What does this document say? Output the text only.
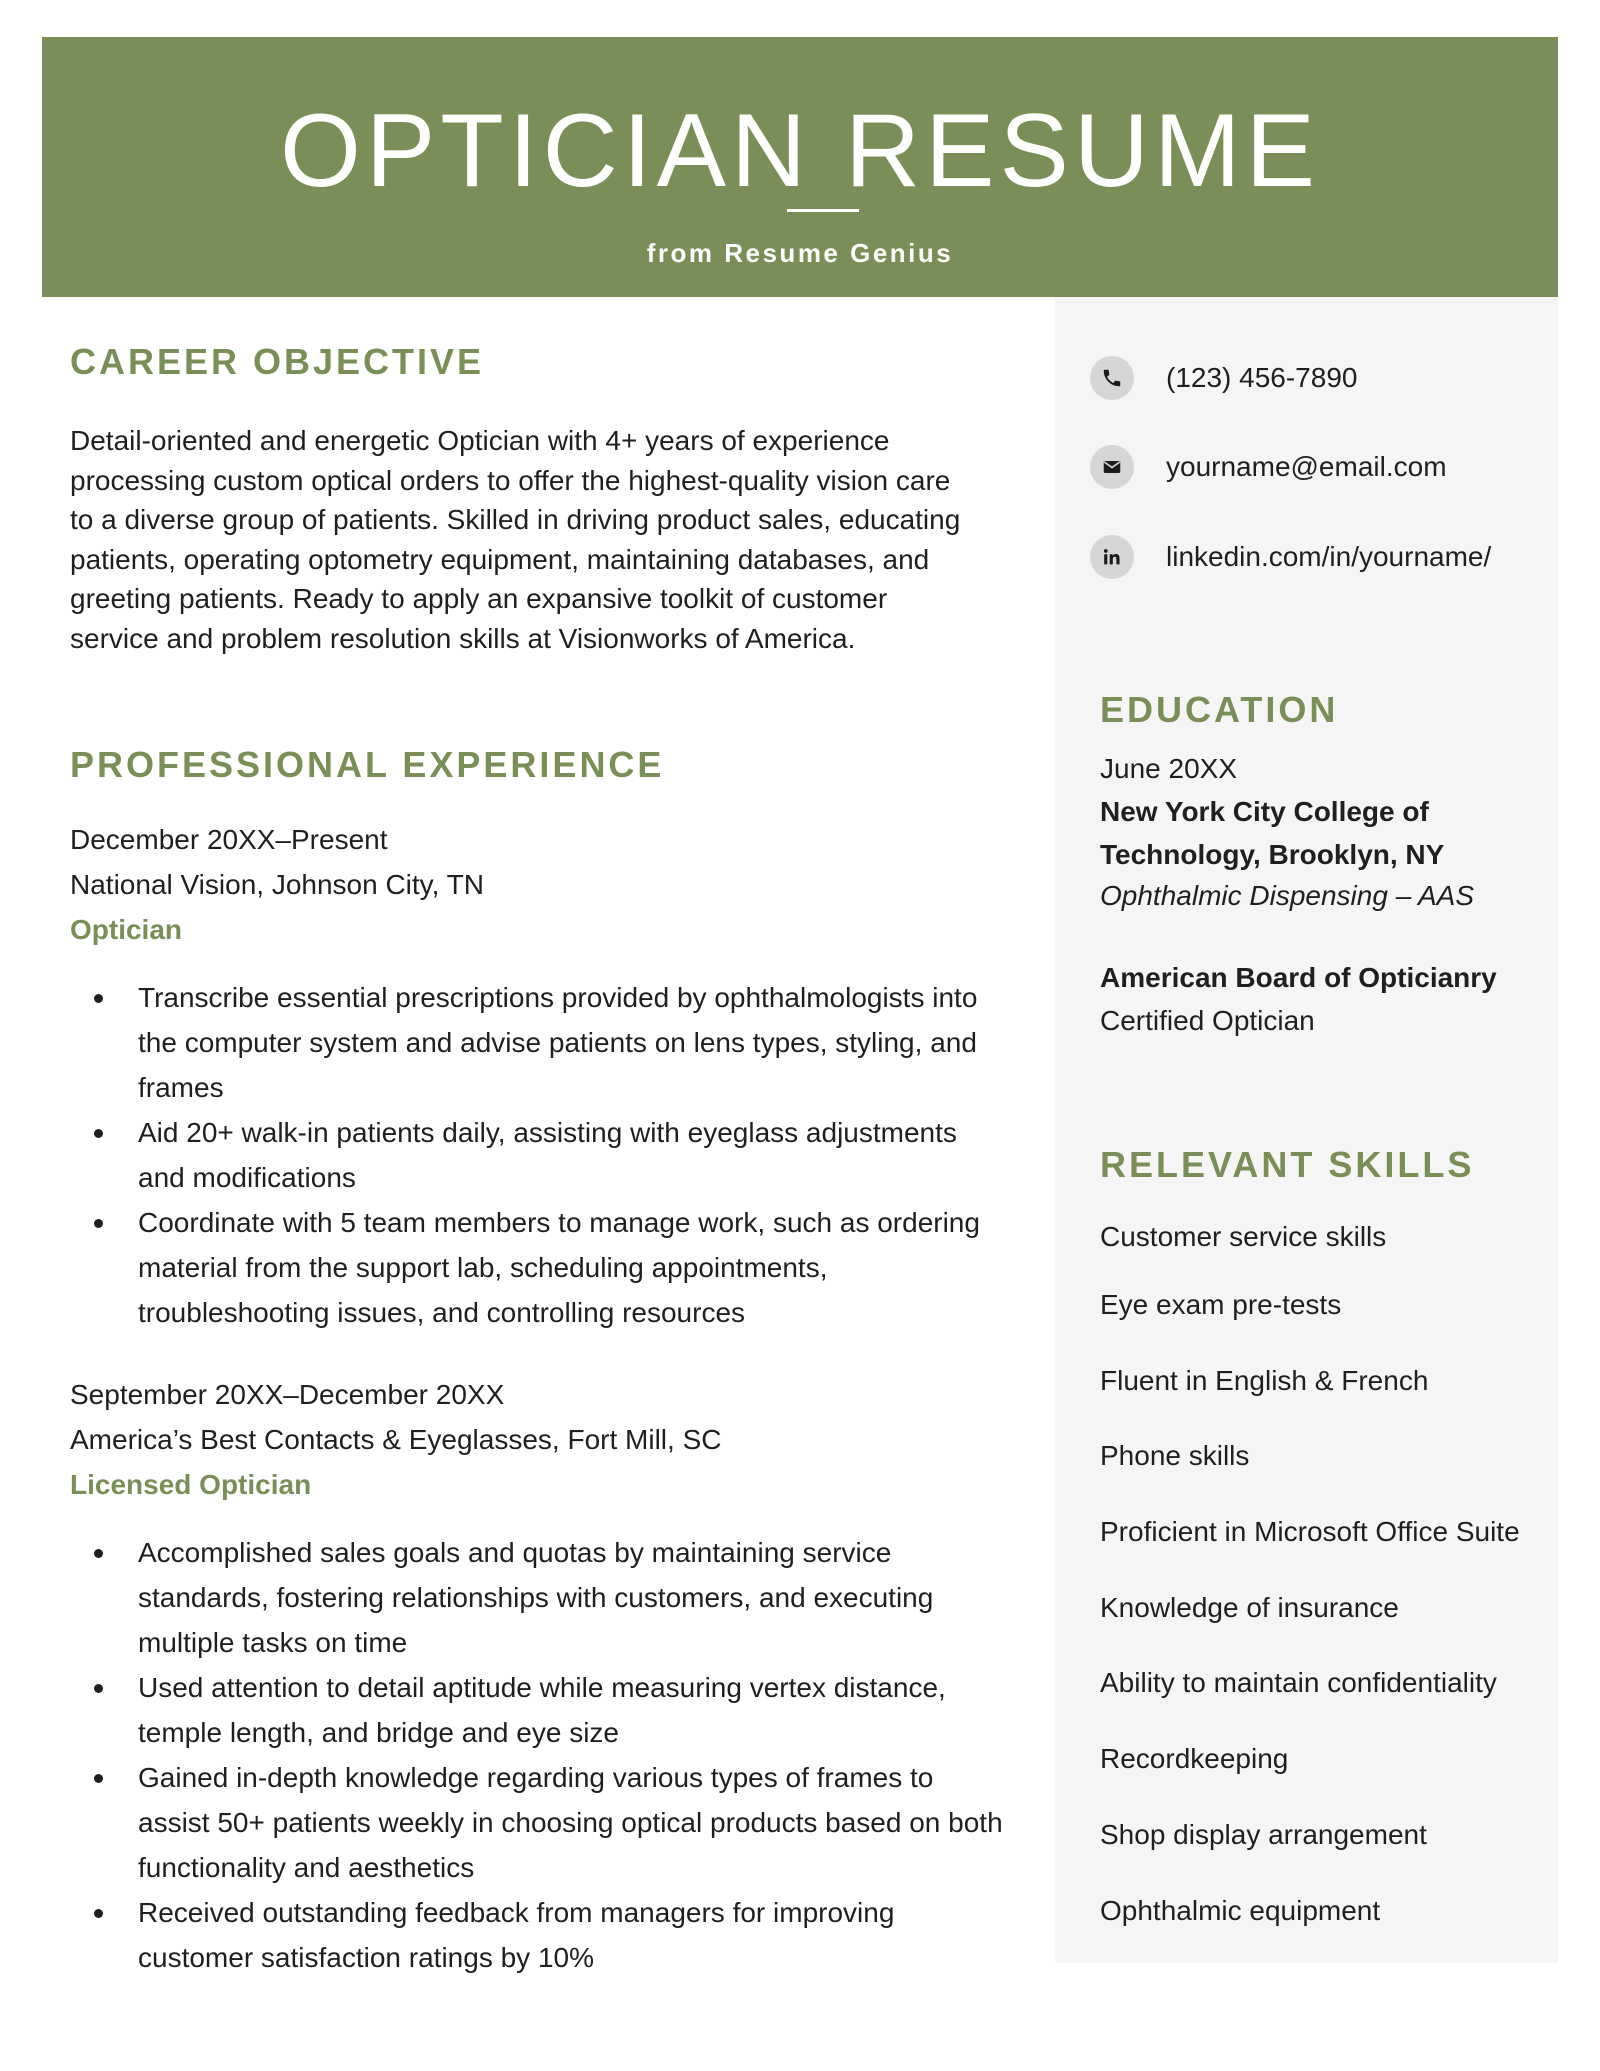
OPTICIAN RESUME
from Resume Genius
CAREER OBJECTIVE
Detail-oriented and energetic Optician with 4+ years of experience
processing custom optical orders to offer the highest-quality vision care
to a diverse group of patients. Skilled in driving product sales, educating
patients, operating optometry equipment, maintaining databases, and
greeting patients. Ready to apply an expansive toolkit of customer
service and problem resolution skills at Visionworks of America.
PROFESSIONAL EXPERIENCE
December 20XX–Present
National Vision, Johnson City, TN
Optician
Transcribe essential prescriptions provided by ophthalmologists into the computer system and advise patients on lens types, styling, and frames
Aid 20+ walk-in patients daily, assisting with eyeglass adjustments and modifications
Coordinate with 5 team members to manage work, such as ordering material from the support lab, scheduling appointments, troubleshooting issues, and controlling resources
September 20XX–December 20XX
America’s Best Contacts & Eyeglasses, Fort Mill, SC
Licensed Optician
Accomplished sales goals and quotas by maintaining service standards, fostering relationships with customers, and executing multiple tasks on time
Used attention to detail aptitude while measuring vertex distance, temple length, and bridge and eye size
Gained in-depth knowledge regarding various types of frames to assist 50+ patients weekly in choosing optical products based on both functionality and aesthetics
Received outstanding feedback from managers for improving customer satisfaction ratings by 10%
(123) 456-7890
yourname@email.com
linkedin.com/in/yourname/
EDUCATION
June 20XX
New York City College of
Technology, Brooklyn, NY
Ophthalmic Dispensing – AAS
American Board of Opticianry
Certified Optician
RELEVANT SKILLS
Customer service skills
Eye exam pre-tests
Fluent in English & French
Phone skills
Proficient in Microsoft Office Suite
Knowledge of insurance
Ability to maintain confidentiality
Recordkeeping
Shop display arrangement
Ophthalmic equipment
